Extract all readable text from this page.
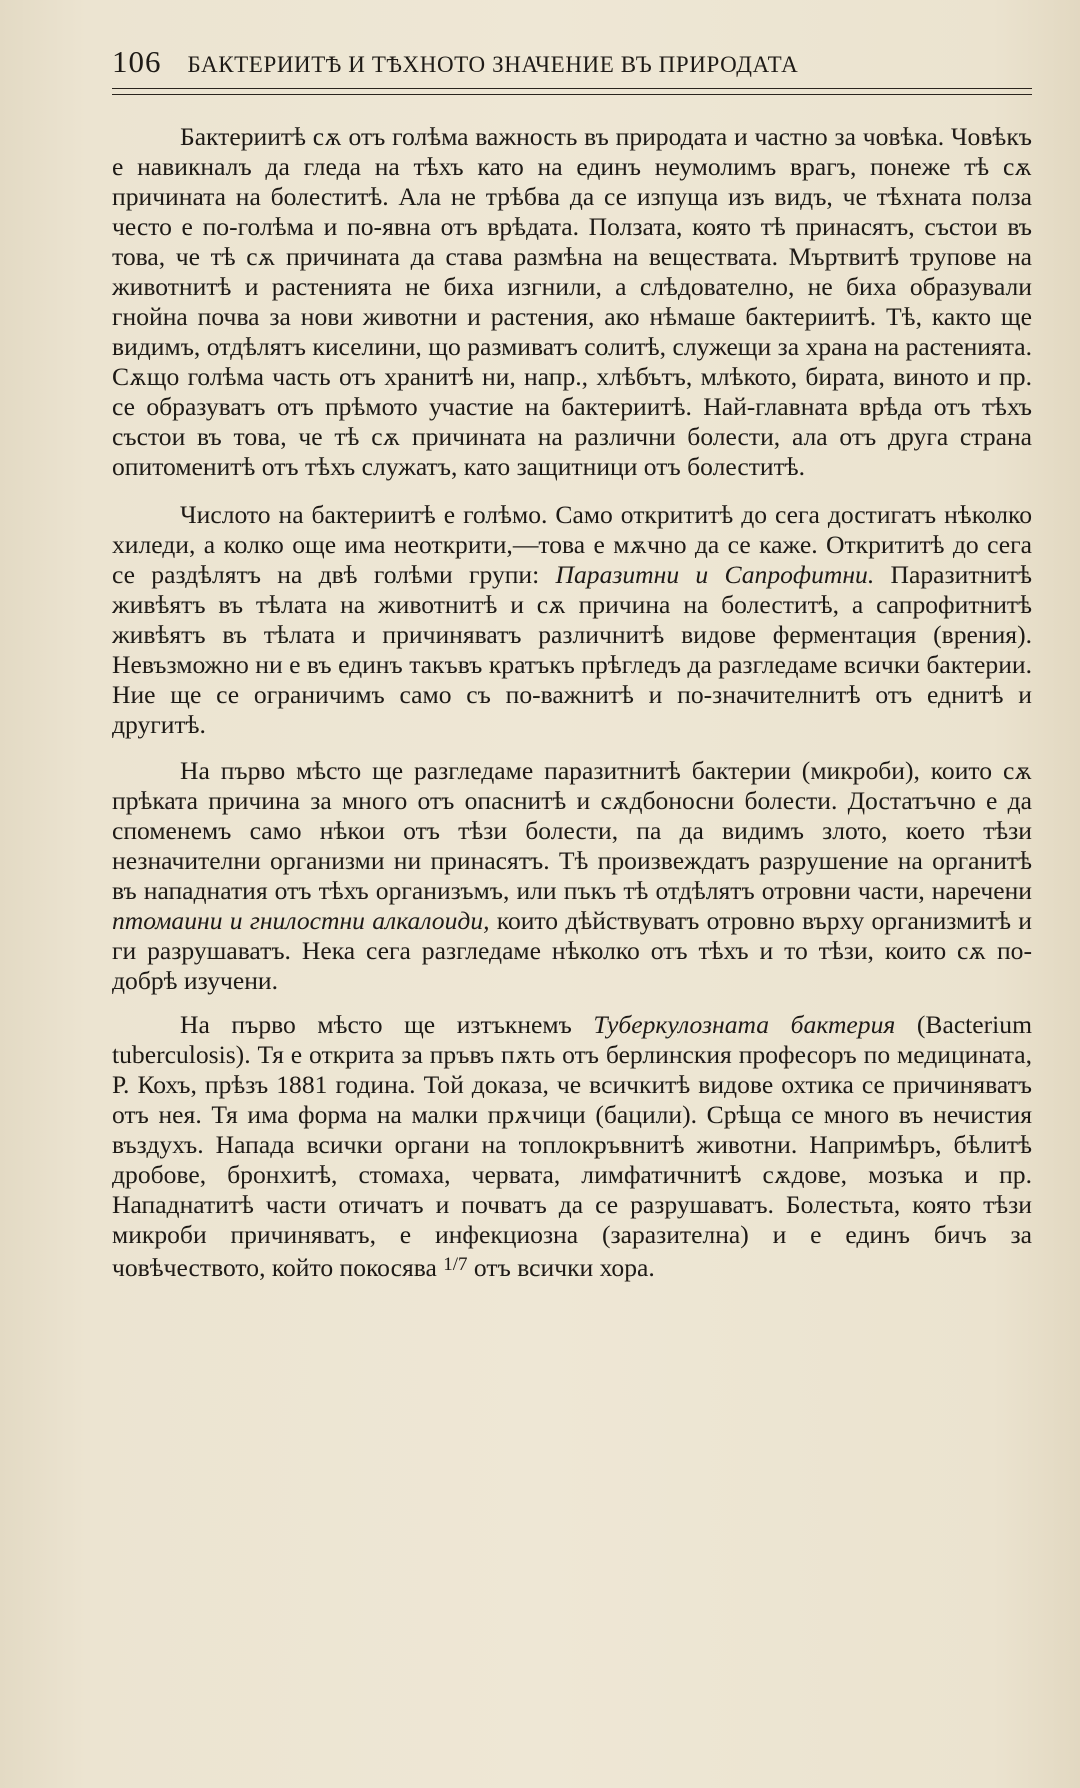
106 БАКТЕРИИТѢ И ТѢХНОТО ЗНАЧЕНИЕ ВЪ ПРИРОДАТА

Бактериитѣ сѫ отъ голѣма важность въ природата и частно за човѣка. Човѣкъ е навикналъ да гледа на тѣхъ като на единъ неумолимъ врагъ, понеже тѣ сѫ причината на болеститѣ. Ала не трѣбва да се изпуща изъ видъ, че тѣхната полза често е по-голѣма и по-явна отъ врѣдата. Ползата, която тѣ принасятъ, състои въ това, че тѣ сѫ причината да става размѣна на веществата. Мъртвитѣ трупове на животнитѣ и растенията не биха изгнили, а слѣдователно, не биха образували гнойна почва за нови животни и растения, ако нѣмаше бактериитѣ. Тѣ, както ще видимъ, отдѣлятъ киселини, що размиватъ солитѣ, служещи за храна на растенията. Сѫщо голѣма часть отъ хранитѣ ни, напр., хлѣбътъ, млѣкото, бирата, виното и пр. се образуватъ отъ прѣмото участие на бактериитѣ. Най-главната врѣда отъ тѣхъ състои въ това, че тѣ сѫ причината на различни болести, ала отъ друга страна опитоменитѣ отъ тѣхъ служатъ, като защитници отъ болеститѣ.

Числото на бактериитѣ е голѣмо. Само открититѣ до сега достигатъ нѣколко хиледи, а колко още има неоткрити,—това е мѫчно да се каже. Открититѣ до сега се раздѣлятъ на двѣ голѣми групи: Паразитни и Сапрофитни. Паразитнитѣ живѣятъ въ тѣлата на животнитѣ и сѫ причина на болеститѣ, а сапрофитнитѣ живѣятъ въ тѣлата и причиняватъ различнитѣ видове ферментация (врения). Невъзможно ни е въ единъ такъвъ кратъкъ прѣгледъ да разгледаме всички бактерии. Ние ще се ограничимъ само съ по-важнитѣ и по-значителнитѣ отъ еднитѣ и другитѣ.

На първо мѣсто ще разгледаме паразитнитѣ бактерии (микроби), които сѫ прѣката причина за много отъ опаснитѣ и сѫдбоносни болести. Достатъчно е да споменемъ само нѣкои отъ тѣзи болести, па да видимъ злото, което тѣзи незначителни организми ни принасятъ. Тѣ произвеждатъ разрушение на органитѣ въ нападнатия отъ тѣхъ организъмъ, или пъкъ тѣ отдѣлятъ отровни части, наречени птомаини и гнилостни алкалоиди, които дѣйствуватъ отровно върху организмитѣ и ги разрушаватъ. Нека сега разгледаме нѣколко отъ тѣхъ и то тѣзи, които сѫ по-добрѣ изучени.

На първо мѣсто ще изтъкнемъ Туберкулозната бактерия (Bacterium tuberculosis). Тя е открита за пръвъ пѫть отъ берлинския професоръ по медицината, Р. Кохъ, прѣзъ 1881 година. Той доказа, че всичкитѣ видове охтика се причиняватъ отъ нея. Тя има форма на малки прѫчици (бацили). Срѣща се много въ нечистия въздухъ. Напада всички органи на топлокръвнитѣ животни. Напримѣръ, бѣлитѣ дробове, бронхитѣ, стомаха, червата, лимфатичнитѣ сѫдове, мозъка и пр. Нападнатитѣ части отичатъ и почватъ да се разрушаватъ. Болестьта, която тѣзи микроби причиняватъ, е инфекциозна (заразителна) и е единъ бичъ за човѣчеството, който покосява $^{1/7}$ отъ всички хора.
